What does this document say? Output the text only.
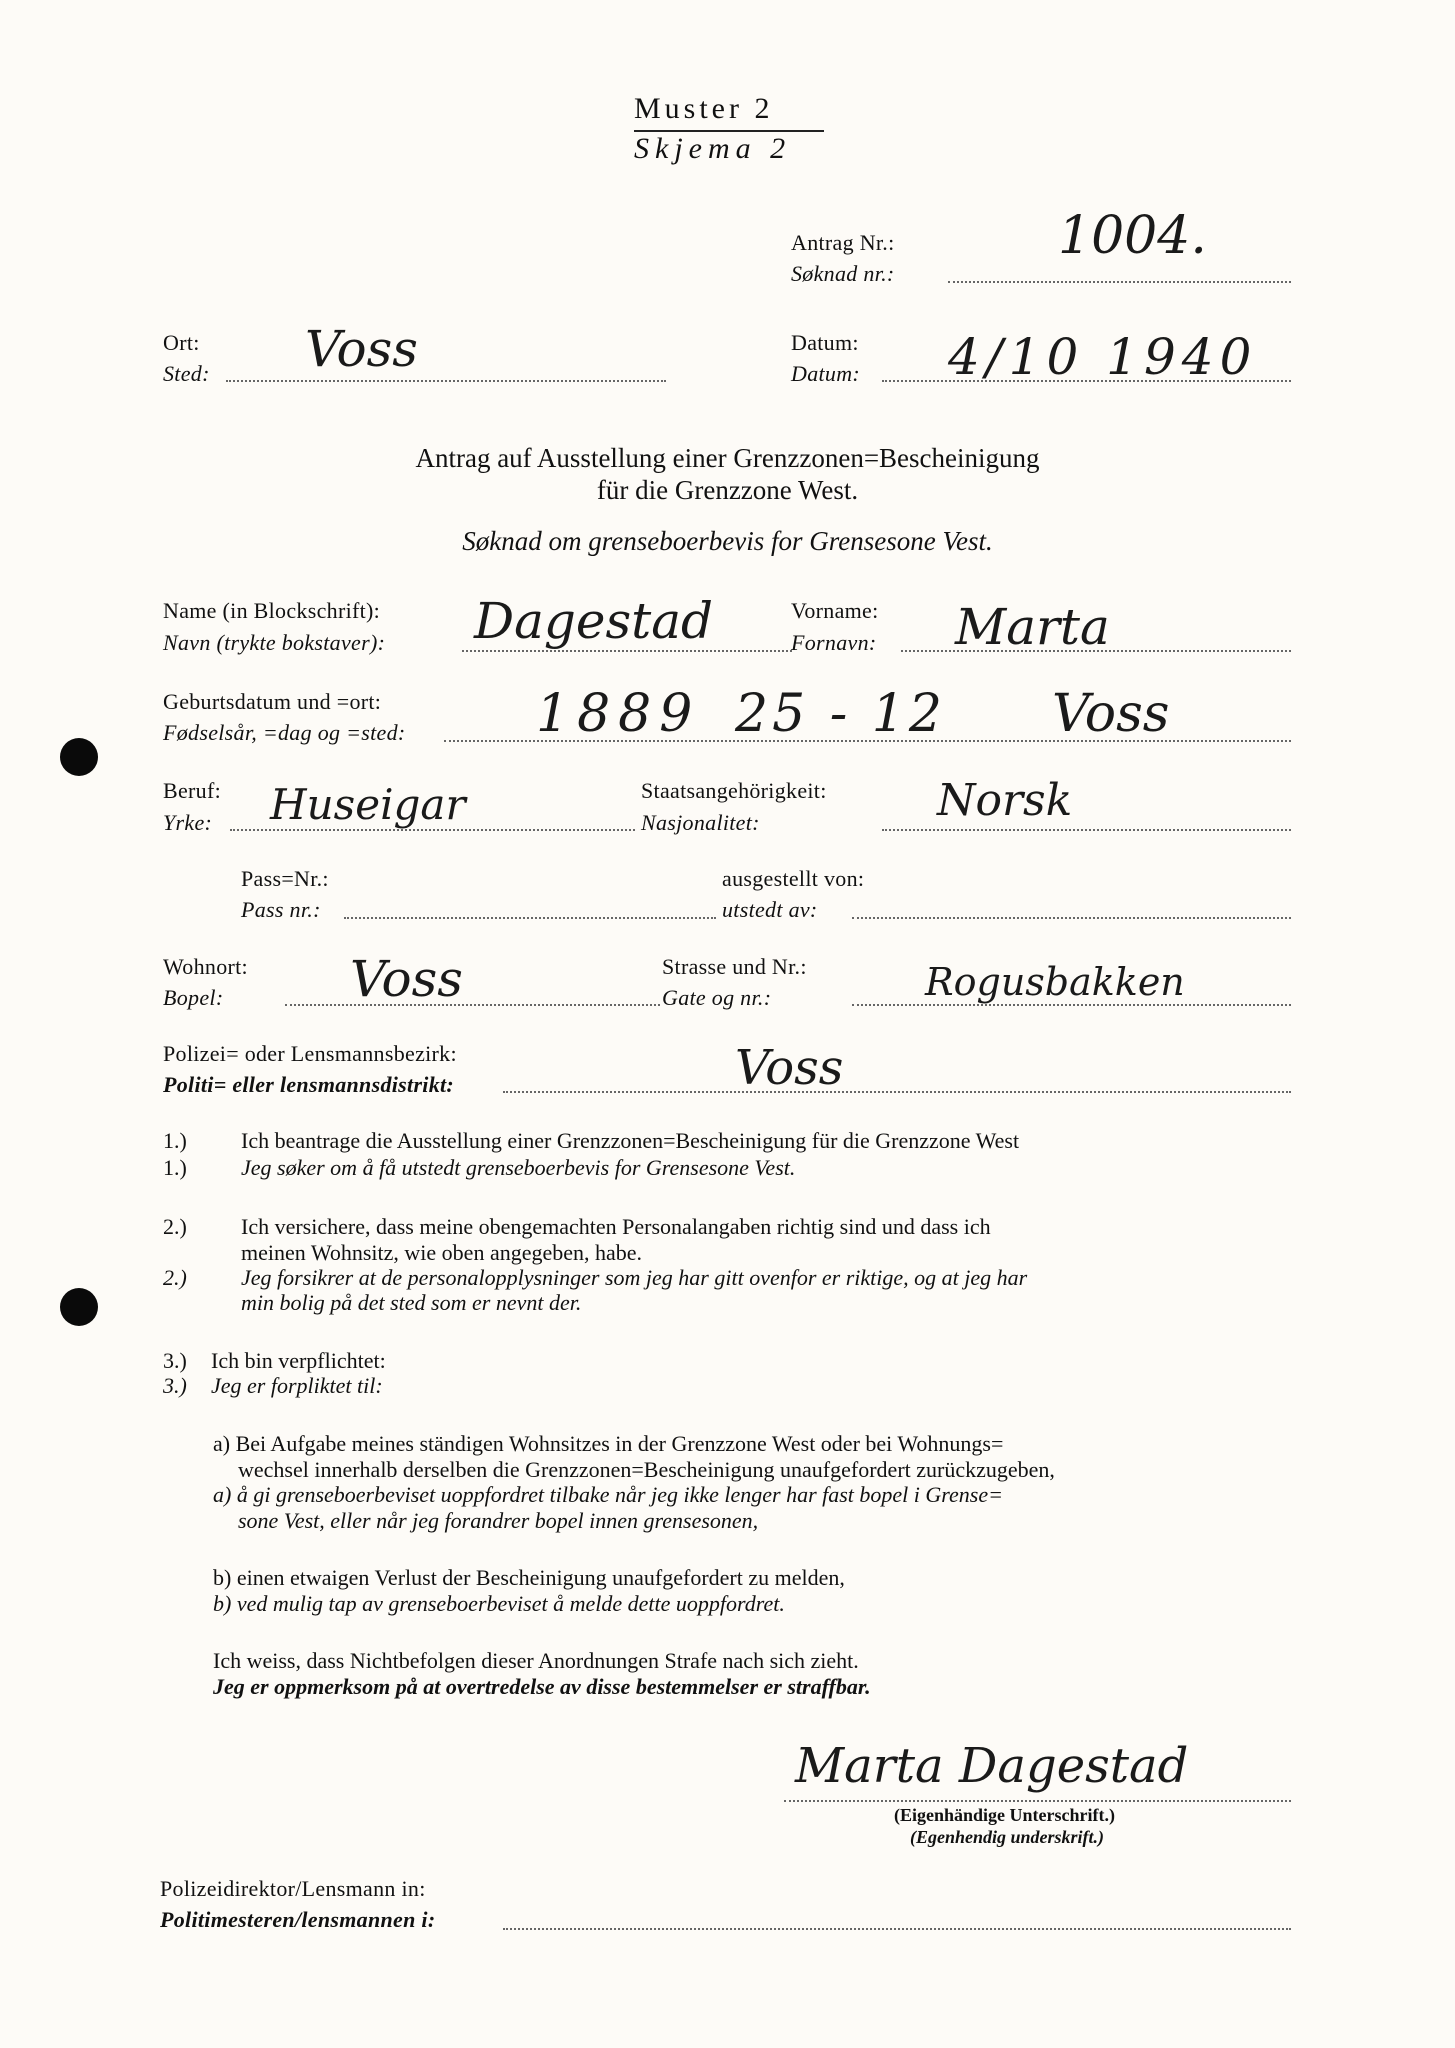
Muster 2
Skjema 2
Antrag Nr.:
Søknad nr.:
1004.
Ort:
Sted: Voss	Datum:
Datum: 4/10 1940
Antrag auf Ausstellung einer Grenzzonen=Bescheinigung
für die Grenzzone West.
Søknad om grenseboerbevis for Grensesone Vest.
Name (in Blockschrift):
Navn (trykte bokstaver): Dagestad	Vorname:
Fornavn: Marta
Geburtsdatum und =ort:
Fødselsår, =dag og =sted:	1889 25 - 12 Voss
Beruf:
Yrke: Huseigar	Staatsangehörigkeit:
Nasjonalitet:	Norsk
Pass=Nr.:
Pass nr.:
ausgestellt von:
utstedt av:
Wohnort:
Bopel:	Voss	Strasse und Nr.:
Gate og nr.:	Rogusbakken
Polizei= oder Lensmannsbezirk:
Politi= eller lensmannsdistrikt:	Voss
1.) Ich beantrage die Ausstellung einer Grenzzonen=Bescheinigung für die Grenzzone West
1.) Jeg søker om å få utstedt grenseboerbevis for Grensesone Vest.
2.) Ich versichere, dass meine obengemachten Personalangaben richtig sind und dass ich
meinen Wohnsitz, wie oben angegeben, habe.
2.) Jeg forsikrer at de personalopplysninger som jeg har gitt ovenfor er riktige, og at jeg har
min bolig på det sted som er nevnt der.
3.) Ich bin verpflichtet:
3.) Jeg er forpliktet til:
a) Bei Aufgabe meines ständigen Wohnsitzes in der Grenzzone West oder bei Wohnungs=
wechsel innerhalb derselben die Grenzzonen=Bescheinigung unaufgefordert zurückzugeben,
a) å gi grenseboerbeviset uoppfordret tilbake når jeg ikke lenger har fast bopel i Grense=
sone Vest, eller når jeg forandrer bopel innen grensesonen,
b) einen etwaigen Verlust der Bescheinigung unaufgefordert zu melden,
b) ved mulig tap av grenseboerbeviset å melde dette uoppfordret.
Ich weiss, dass Nichtbefolgen dieser Anordnungen Strafe nach sich zieht.
Jeg er oppmerksom på at overtredelse av disse bestemmelser er straffbar.
Marta Dagestad
(Eigenhändige Unterschrift.)
(Egenhendig underskrift.)
Polizeidirektor/Lensmann in:
Politimesteren/lensmannen i:
